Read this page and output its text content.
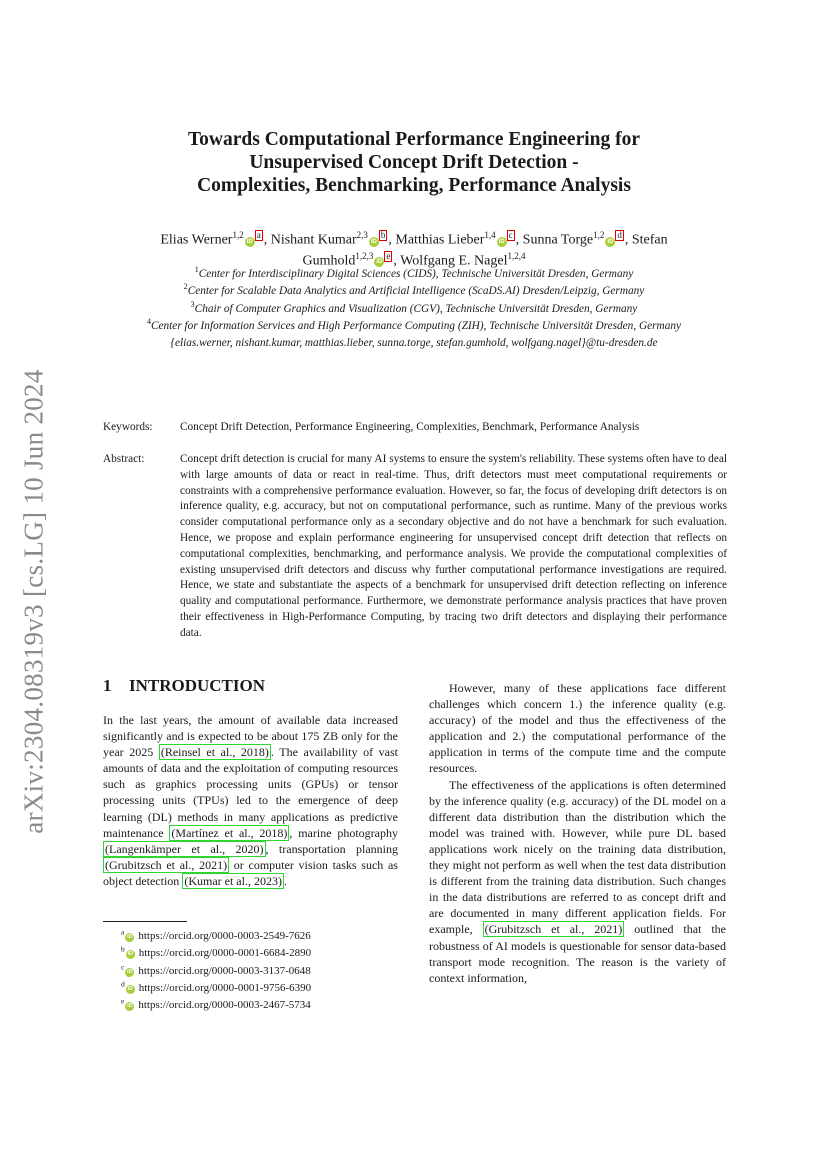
arXiv:2304.08319v3 [cs.LG] 10 Jun 2024
Towards Computational Performance Engineering for
Unsupervised Concept Drift Detection -
Complexities, Benchmarking, Performance Analysis
Elias Werner$^{1,2}$iDa , Nishant Kumar$^{2,3}$iDb , Matthias Lieber$^{1,4}$iDc , Sunna Torge$^{1,2}$iDd , Stefan
Gumhold$^{1,2,3}$iDe , Wolfgang E. Nagel$^{1,2,4}$
$^1$Center for Interdisciplinary Digital Sciences (CIDS), Technische Universität Dresden, Germany
$^2$Center for Scalable Data Analytics and Artificial Intelligence (ScaDS.AI) Dresden/Leipzig, Germany
$^3$Chair of Computer Graphics and Visualization (CGV), Technische Universität Dresden, Germany
$^4$Center for Information Services and High Performance Computing (ZIH), Technische Universität Dresden, Germany
{elias.werner, nishant.kumar, matthias.lieber, sunna.torge, stefan.gumhold, wolfgang.nagel}@tu-dresden.de
Keywords: Concept Drift Detection, Performance Engineering, Complexities, Benchmark, Performance Analysis
Abstract:	Concept drift detection is crucial for many AI systems to ensure the system's reliability. These systems often have to deal with large amounts of data or react in real-time. Thus, drift detectors must meet computational requirements or constraints with a comprehensive performance evaluation. However, so far, the focus of developing drift detectors is on inference quality, e.g. accuracy, but not on computational performance, such as runtime. Many of the previous works consider computational performance only as a secondary objective and do not have a benchmark for such evaluation. Hence, we propose and explain performance engineering for unsupervised concept drift detection that reflects on computational complexities, benchmarking, and performance analysis. We provide the computational complexities of existing unsupervised drift detectors and discuss why further computational performance investigations are required. Hence, we state and substantiate the aspects of a benchmark for unsupervised drift detection reflecting on inference quality and computational performance. Furthermore, we demonstrate performance analysis practices that have proven their effectiveness in High-Performance Computing, by tracing two drift detectors and displaying their performance data.
1 INTRODUCTION

In the last years, the amount of available data increased significantly and is expected to be about 175 ZB only for the year 2025 (Reinsel et al., 2018) . The availability of vast amounts of data and the exploitation of computing resources such as graphics processing units (GPUs) or tensor processing units (TPUs) led to the emergence of deep learning (DL) methods in many applications as predictive maintenance (Martínez et al., 2018) , marine photography (Langenkämper et al., 2020) , transportation planning (Grubitzsch et al., 2021) or computer vision tasks such as object detection (Kumar et al., 2023) .

However, many of these applications face different challenges which concern 1.) the inference quality (e.g. accuracy) of the model and thus the effectiveness of the application and 2.) the computational performance of the application in terms of the compute time and the compute resources.

The effectiveness of the applications is often determined by the inference quality (e.g. accuracy) of the DL model on a different data distribution than the distribution which the model was trained with. However, while pure DL based applications work nicely on the training data distribution, they might not perform as well when the test data distribution is different from the training data distribution. Such changes in the data distributions are referred to as concept drift and are documented in many different application fields. For example, (Grubitzsch et al., 2021) outlined that the robustness of AI models is questionable for sensor data-based transport mode recognition. The reason is the variety of context information,

$^a$iD https://orcid.org/0000-0003-2549-7626
$^b$iD https://orcid.org/0000-0001-6684-2890
$^c$iD https://orcid.org/0000-0003-3137-0648
$^d$iD https://orcid.org/0000-0001-9756-6390
$^e$iD https://orcid.org/0000-0003-2467-5734
